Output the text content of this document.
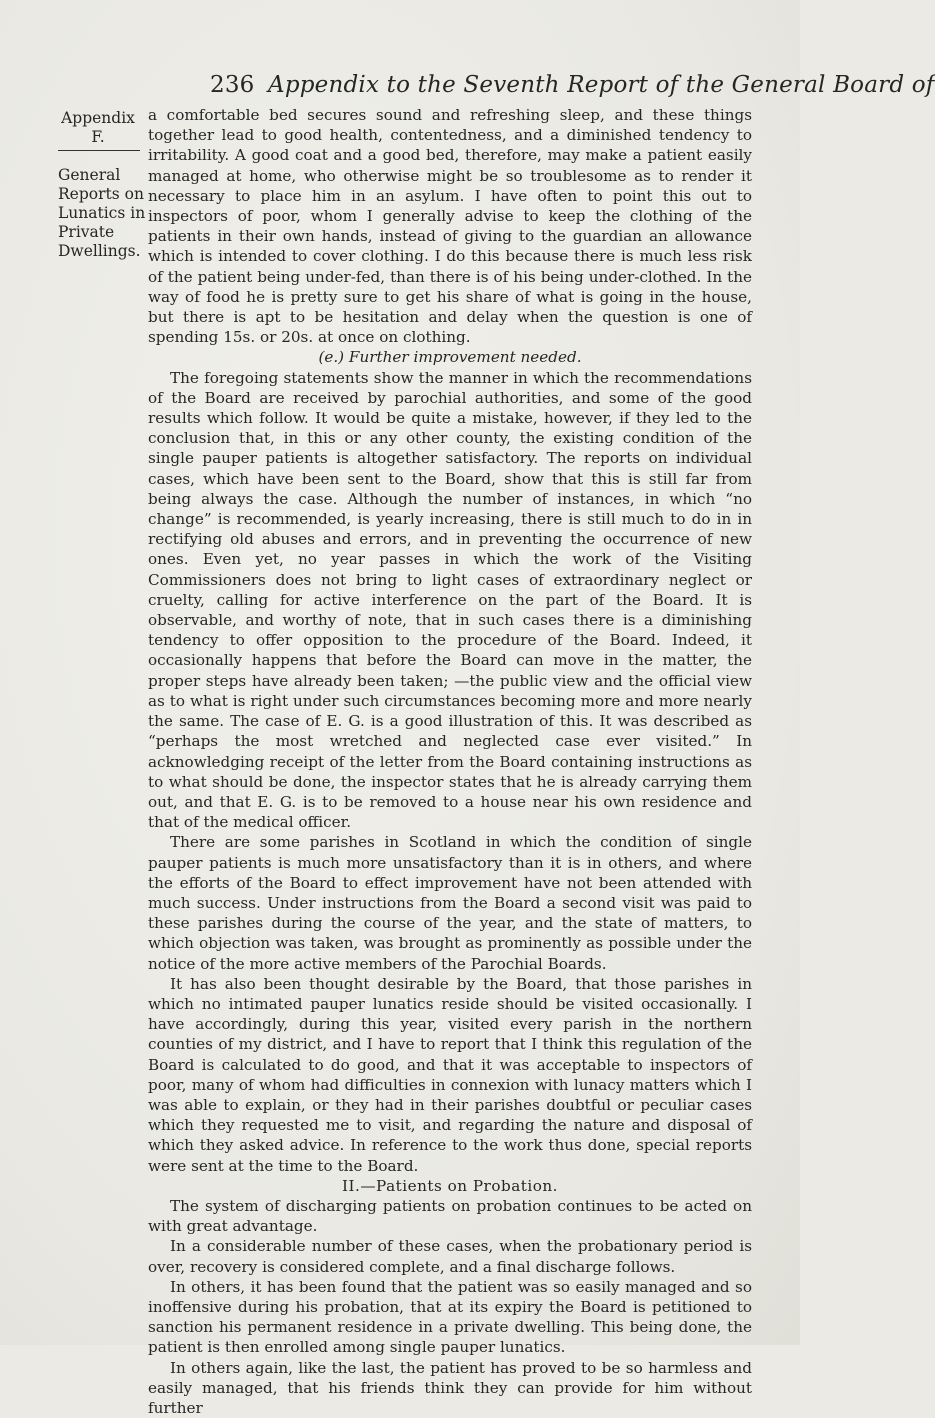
236 Appendix to the Seventh Report of the General Board of
Appendix F.
General Reports on Lunatics in Private Dwellings.

a comfortable bed secures sound and refreshing sleep, and these things together lead to good health, contentedness, and a diminished tendency to irritability. A good coat and a good bed, therefore, may make a patient easily managed at home, who otherwise might be so troublesome as to render it necessary to place him in an asylum. I have often to point this out to inspectors of poor, whom I generally advise to keep the clothing of the patients in their own hands, instead of giving to the guardian an allowance which is intended to cover clothing. I do this because there is much less risk of the patient being under-fed, than there is of his being under-clothed. In the way of food he is pretty sure to get his share of what is going in the house, but there is apt to be hesitation and delay when the question is one of spending 15s. or 20s. at once on clothing.

(e.) Further improvement needed.

The foregoing statements show the manner in which the recommendations of the Board are received by parochial authorities, and some of the good results which follow. It would be quite a mistake, however, if they led to the conclusion that, in this or any other county, the existing condition of the single pauper patients is altogether satisfactory. The reports on individual cases, which have been sent to the Board, show that this is still far from being always the case. Although the number of instances, in which “no change” is recommended, is yearly increasing, there is still much to do in in rectifying old abuses and errors, and in preventing the occurrence of new ones. Even yet, no year passes in which the work of the Visiting Commissioners does not bring to light cases of extraordinary neglect or cruelty, calling for active interference on the part of the Board. It is observable, and worthy of note, that in such cases there is a diminishing tendency to offer opposition to the procedure of the Board. Indeed, it occasionally happens that before the Board can move in the matter, the proper steps have already been taken; —the public view and the official view as to what is right under such circumstances becoming more and more nearly the same. The case of E. G. is a good illustration of this. It was described as “perhaps the most wretched and neglected case ever visited.” In acknowledging receipt of the letter from the Board containing instructions as to what should be done, the inspector states that he is already carrying them out, and that E. G. is to be removed to a house near his own residence and that of the medical officer.

There are some parishes in Scotland in which the condition of single pauper patients is much more unsatisfactory than it is in others, and where the efforts of the Board to effect improvement have not been attended with much success. Under instructions from the Board a second visit was paid to these parishes during the course of the year, and the state of matters, to which objection was taken, was brought as prominently as possible under the notice of the more active members of the Parochial Boards.

It has also been thought desirable by the Board, that those parishes in which no intimated pauper lunatics reside should be visited occasionally. I have accordingly, during this year, visited every parish in the northern counties of my district, and I have to report that I think this regulation of the Board is calculated to do good, and that it was acceptable to inspectors of poor, many of whom had difficulties in connexion with lunacy matters which I was able to explain, or they had in their parishes doubtful or peculiar cases which they requested me to visit, and regarding the nature and disposal of which they asked advice. In reference to the work thus done, special reports were sent at the time to the Board.

II.—Patients on Probation.

The system of discharging patients on probation continues to be acted on with great advantage.

In a considerable number of these cases, when the probationary period is over, recovery is considered complete, and a final discharge follows.

In others, it has been found that the patient was so easily managed and so inoffensive during his probation, that at its expiry the Board is petitioned to sanction his permanent residence in a private dwelling. This being done, the patient is then enrolled among single pauper lunatics.

In others again, like the last, the patient has proved to be so harmless and easily managed, that his friends think they can provide for him without further
